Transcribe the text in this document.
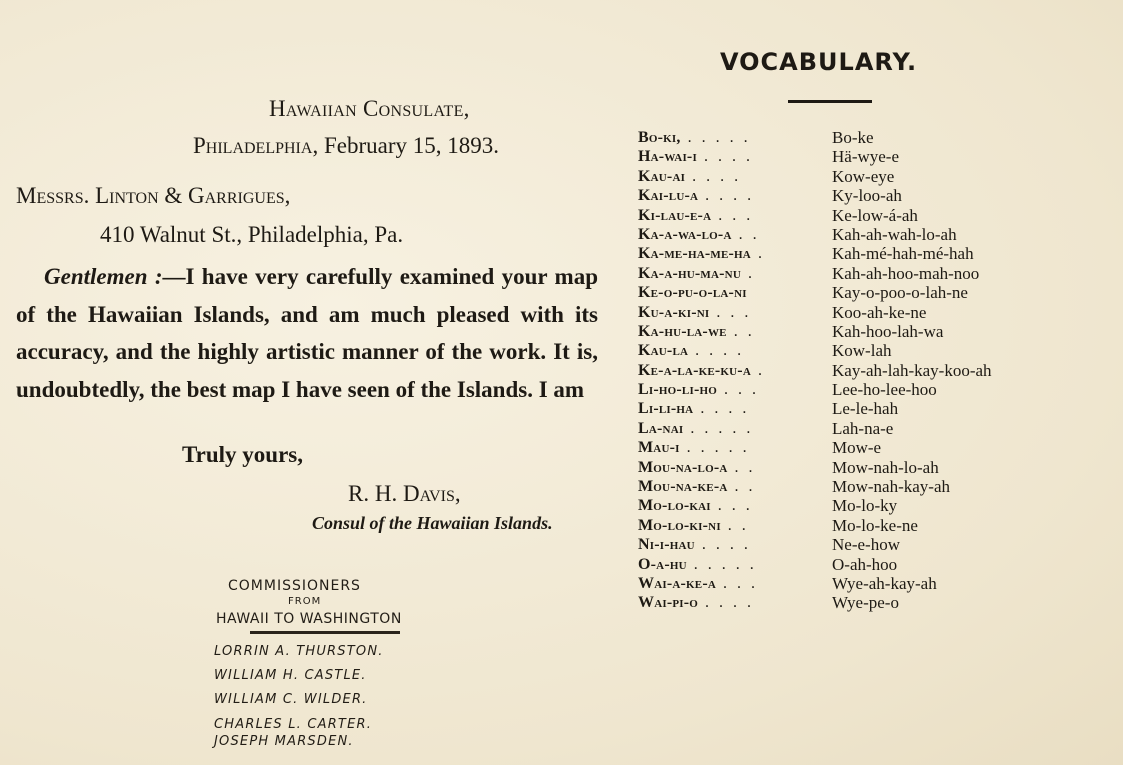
Hawaiian Consulate,
Philadelphia, February 15, 1893.
Messrs. Linton & Garrigues,
410 Walnut St., Philadelphia, Pa.
Gentlemen :—I have very carefully examined your map of the Hawaiian Islands, and am much pleased with its accuracy, and the highly artistic manner of the work. It is, undoubtedly, the best map I have seen of the Islands. I am
Truly yours,
R. H. Davis,
Consul of the Hawaiian Islands.
COMMISSIONERS
FROM
HAWAII TO WASHINGTON
LORRIN A. THURSTON.
WILLIAM H. CASTLE.
WILLIAM C. WILDER.
CHARLES L. CARTER.
JOSEPH MARSDEN.
VOCABULARY.
Bo-ki, . . . . .	Bo-ke
Ha-wai-i . . . .	Hä-wye-e
Kau-ai . . . .	Kow-eye
Kai-lu-a . . . .	Ky-loo-ah
Ki-lau-e-a . . .	Ke-low-á-ah
Ka-a-wa-lo-a . .	Kah-ah-wah-lo-ah
Ka-me-ha-me-ha .	Kah-mé-hah-mé-hah
Ka-a-hu-ma-nu .	Kah-ah-hoo-mah-noo
Ke-o-pu-o-la-ni	Kay-o-poo-o-lah-ne
Ku-a-ki-ni . . .	Koo-ah-ke-ne
Ka-hu-la-we . .	Kah-hoo-lah-wa
Kau-la . . . .	Kow-lah
Ke-a-la-ke-ku-a .	Kay-ah-lah-kay-koo-ah
Li-ho-li-ho . . .	Lee-ho-lee-hoo
Li-li-ha . . . .	Le-le-hah
La-nai . . . . .	Lah-na-e
Mau-i . . . . .	Mow-e
Mou-na-lo-a . .	Mow-nah-lo-ah
Mou-na-ke-a . .	Mow-nah-kay-ah
Mo-lo-kai . . .	Mo-lo-ky
Mo-lo-ki-ni . .	Mo-lo-ke-ne
Ni-i-hau . . . .	Ne-e-how
O-a-hu . . . . .	O-ah-hoo
Wai-a-ke-a . . .	Wye-ah-kay-ah
Wai-pi-o . . . .	Wye-pe-o
